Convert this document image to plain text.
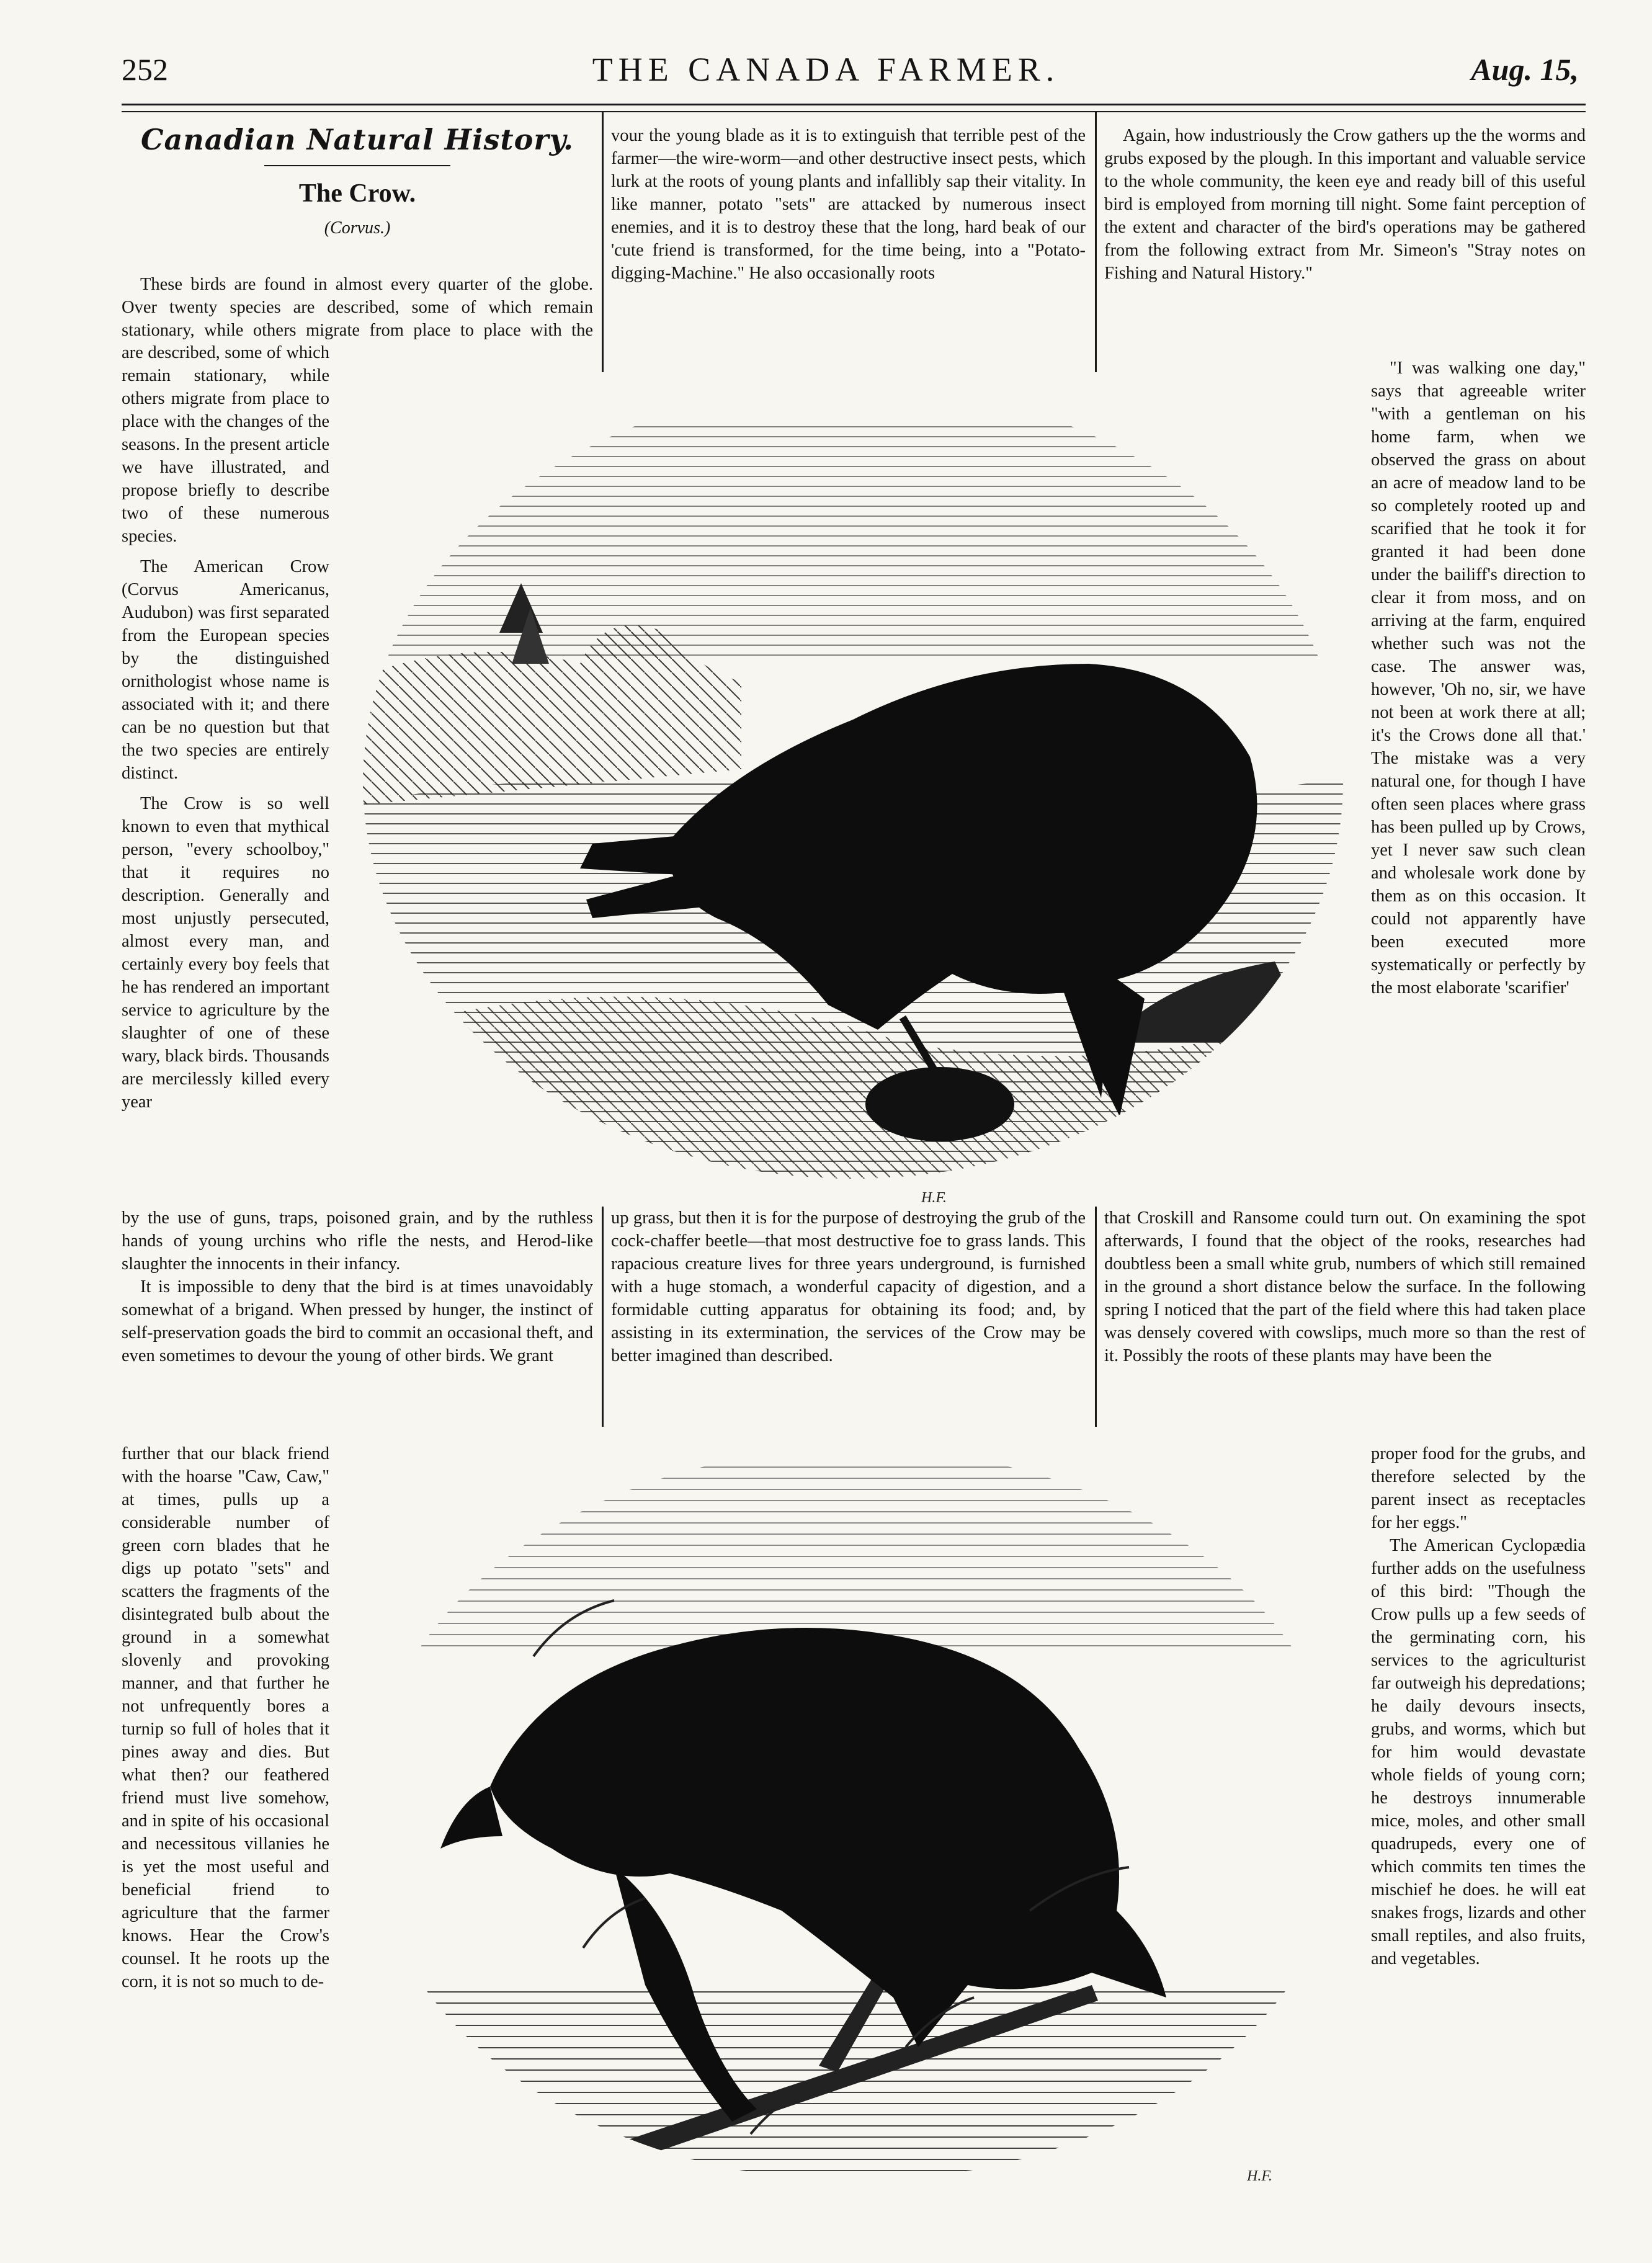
252	THE CANADA FARMER.	Aug. 15,
Canadian Natural History.
The Crow.
(Corvus.)

These birds are found in almost every quarter of the globe. Over twenty species are described, some of which remain stationary, while others migrate from place to place with the

are described, some of which remain stationary, while others migrate from place to place with the changes of the seasons. In the present article we have illustrated, and propose briefly to describe two of these numerous species.

The American Crow (Corvus Americanus, Audubon) was first separated from the European species by the distinguished ornithologist whose name is associated with it; and there can be no question but that the two species are entirely distinct.

The Crow is so well known to even that mythical person, "every schoolboy," that it requires no description. Generally and most unjustly persecuted, almost every man, and certainly every boy feels that he has rendered an important service to agriculture by the slaughter of one of these wary, black birds. Thousands are mercilessly killed every year

vour the young blade as it is to extinguish that terrible pest of the farmer—the wire-worm—and other destructive insect pests, which lurk at the roots of young plants and infallibly sap their vitality. In like manner, potato "sets" are attacked by numerous insect enemies, and it is to destroy these that the long, hard beak of our 'cute friend is transformed, for the time being, into a "Potato-digging-Machine." He also occasionally roots

Again, how industriously the Crow gathers up the the worms and grubs exposed by the plough. In this important and valuable service to the whole community, the keen eye and ready bill of this useful bird is employed from morning till night. Some faint perception of the extent and character of the bird's operations may be gathered from the following extract from Mr. Simeon's "Stray notes on Fishing and Natural History."

"I was walking one day," says that agreeable writer "with a gentleman on his home farm, when we observed the grass on about an acre of meadow land to be so completely rooted up and scarified that he took it for granted it had been done under the bailiff's direction to clear it from moss, and on arriving at the farm, enquired whether such was not the case. The answer was, however, 'Oh no, sir, we have not been at work there at all; it's the Crows done all that.' The mistake was a very natural one, for though I have often seen places where grass has been pulled up by Crows, yet I never saw such clean and wholesale work done by them as on this occasion. It could not apparently have been executed more systematically or perfectly by the most elaborate 'scarifier'

H.F.

by the use of guns, traps, poisoned grain, and by the ruthless hands of young urchins who rifle the nests, and Herod-like slaughter the innocents in their infancy.

It is impossible to deny that the bird is at times unavoidably somewhat of a brigand. When pressed by hunger, the instinct of self-preservation goads the bird to commit an occasional theft, and even sometimes to devour the young of other birds. We grant

up grass, but then it is for the purpose of destroying the grub of the cock-chaffer beetle—that most destructive foe to grass lands. This rapacious creature lives for three years underground, is furnished with a huge stomach, a wonderful capacity of digestion, and a formidable cutting apparatus for obtaining its food; and, by assisting in its extermination, the services of the Crow may be better imagined than described.

that Croskill and Ransome could turn out. On examining the spot afterwards, I found that the object of the rooks, researches had doubtless been a small white grub, numbers of which still remained in the ground a short distance below the surface. In the following spring I noticed that the part of the field where this had taken place was densely covered with cowslips, much more so than the rest of it. Possibly the roots of these plants may have been the

further that our black friend with the hoarse "Caw, Caw," at times, pulls up a considerable number of green corn blades that he digs up potato "sets" and scatters the fragments of the disintegrated bulb about the ground in a somewhat slovenly and provoking manner, and that further he not unfrequently bores a turnip so full of holes that it pines away and dies. But what then? our feathered friend must live somehow, and in spite of his occasional and necessitous villanies he is yet the most useful and beneficial friend to agriculture that the farmer knows. Hear the Crow's counsel. It he roots up the corn, it is not so much to de-

proper food for the grubs, and therefore selected by the parent insect as receptacles for her eggs."

The American Cyclopædia further adds on the usefulness of this bird: "Though the Crow pulls up a few seeds of the germinating corn, his services to the agriculturist far outweigh his depredations; he daily devours insects, grubs, and worms, which but for him would devastate whole fields of young corn; he destroys innumerable mice, moles, and other small quadrupeds, every one of which commits ten times the mischief he does. he will eat snakes frogs, lizards and other small reptiles, and also fruits, and vegetables.

H.F.
